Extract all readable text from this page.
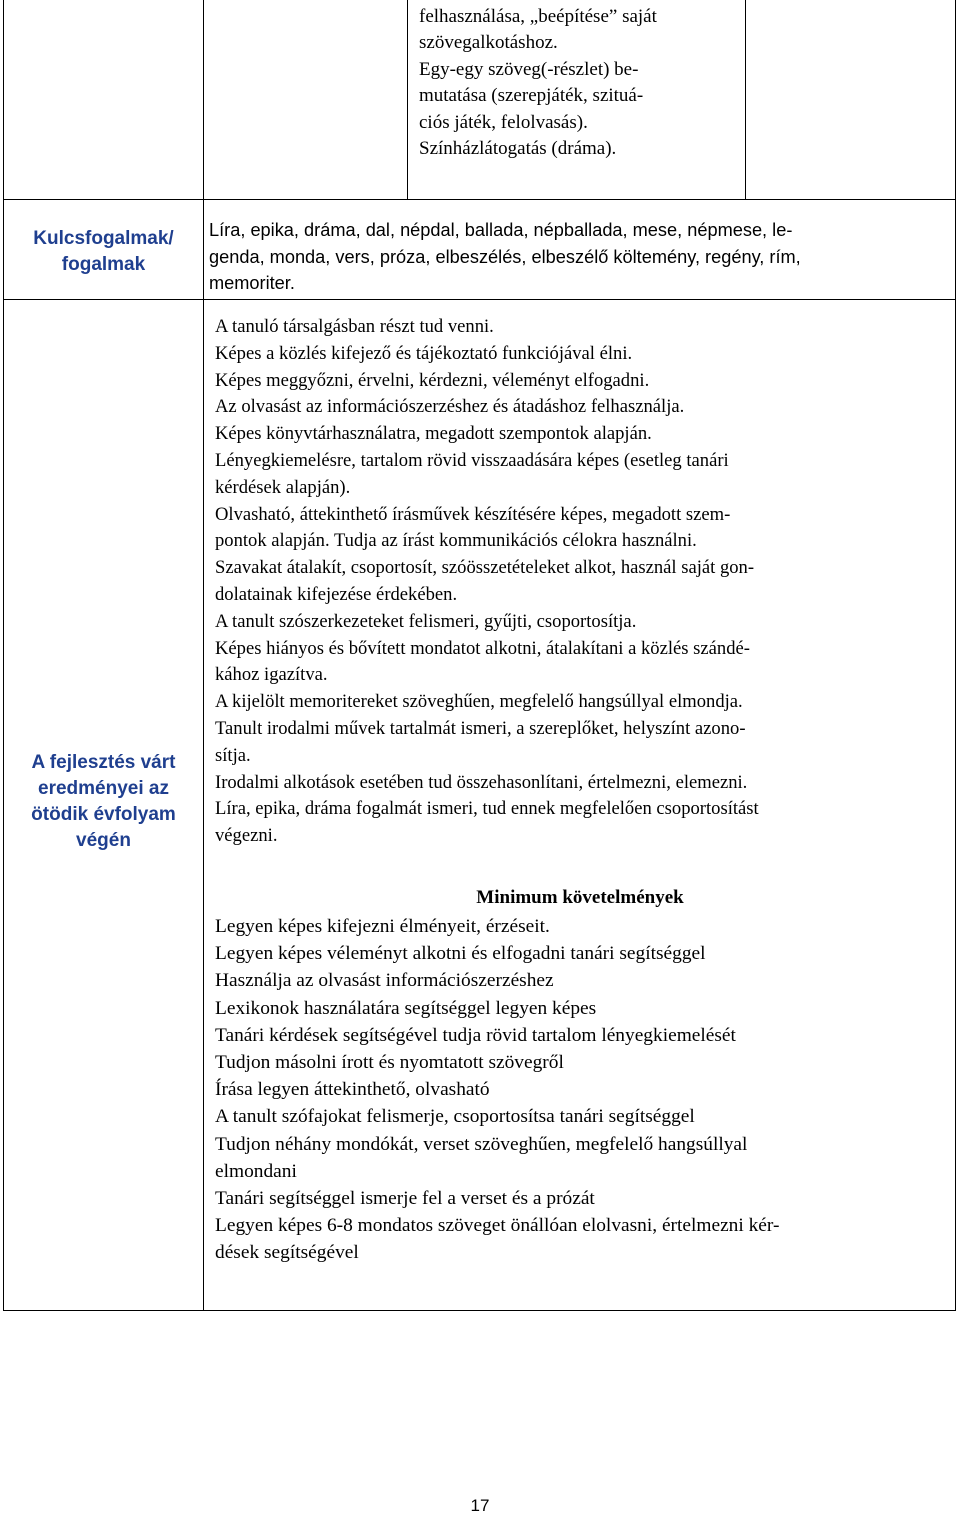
felhasználása, „beépítése” saját
szövegalkotáshoz.
Egy-egy szöveg(-részlet) be-
mutatása (szerepjáték, szituá-
ciós játék, felolvasás).
Színházlátogatás (dráma).
Kulcsfogalmak/
fogalmak
Líra, epika, dráma, dal, népdal, ballada, népballada, mese, népmese, le-
genda, monda, vers, próza, elbeszélés, elbeszélő költemény, regény, rím,
memoriter.
A fejlesztés várt
eredményei az
ötödik évfolyam
végén
A tanuló társalgásban részt tud venni.
Képes a közlés kifejező és tájékoztató funkciójával élni.
Képes meggyőzni, érvelni, kérdezni, véleményt elfogadni.
Az olvasást az információszerzéshez és átadáshoz felhasználja.
Képes könyvtárhasználatra, megadott szempontok alapján.
Lényegkiemelésre, tartalom rövid visszaadására képes (esetleg tanári
kérdések alapján).
Olvasható, áttekinthető írásművek készítésére képes, megadott szem-
pontok alapján. Tudja az írást kommunikációs célokra használni.
Szavakat átalakít, csoportosít, szóösszetételeket alkot, használ saját gon-
dolatainak kifejezése érdekében.
A tanult szószerkezeteket felismeri, gyűjti, csoportosítja.
Képes hiányos és bővített mondatot alkotni, átalakítani a közlés szándé-
kához igazítva.
A kijelölt memoritereket szöveghűen, megfelelő hangsúllyal elmondja.
Tanult irodalmi művek tartalmát ismeri, a szereplőket, helyszínt azono-
sítja.
Irodalmi alkotások esetében tud összehasonlítani, értelmezni, elemezni.
Líra, epika, dráma fogalmát ismeri, tud ennek megfelelően csoportosítást
végezni.
Minimum követelmények
Legyen képes kifejezni élményeit, érzéseit.
Legyen képes véleményt alkotni és elfogadni tanári segítséggel
Használja az olvasást információszerzéshez
Lexikonok használatára segítséggel legyen képes
Tanári kérdések segítségével tudja rövid tartalom lényegkiemelését
Tudjon másolni írott és nyomtatott szövegről
Írása legyen áttekinthető, olvasható
A tanult szófajokat felismerje, csoportosítsa tanári segítséggel
Tudjon néhány mondókát, verset szöveghűen, megfelelő hangsúllyal
elmondani
Tanári segítséggel ismerje fel a verset és a prózát
Legyen képes 6-8 mondatos szöveget önállóan elolvasni, értelmezni kér-
dések segítségével
17
